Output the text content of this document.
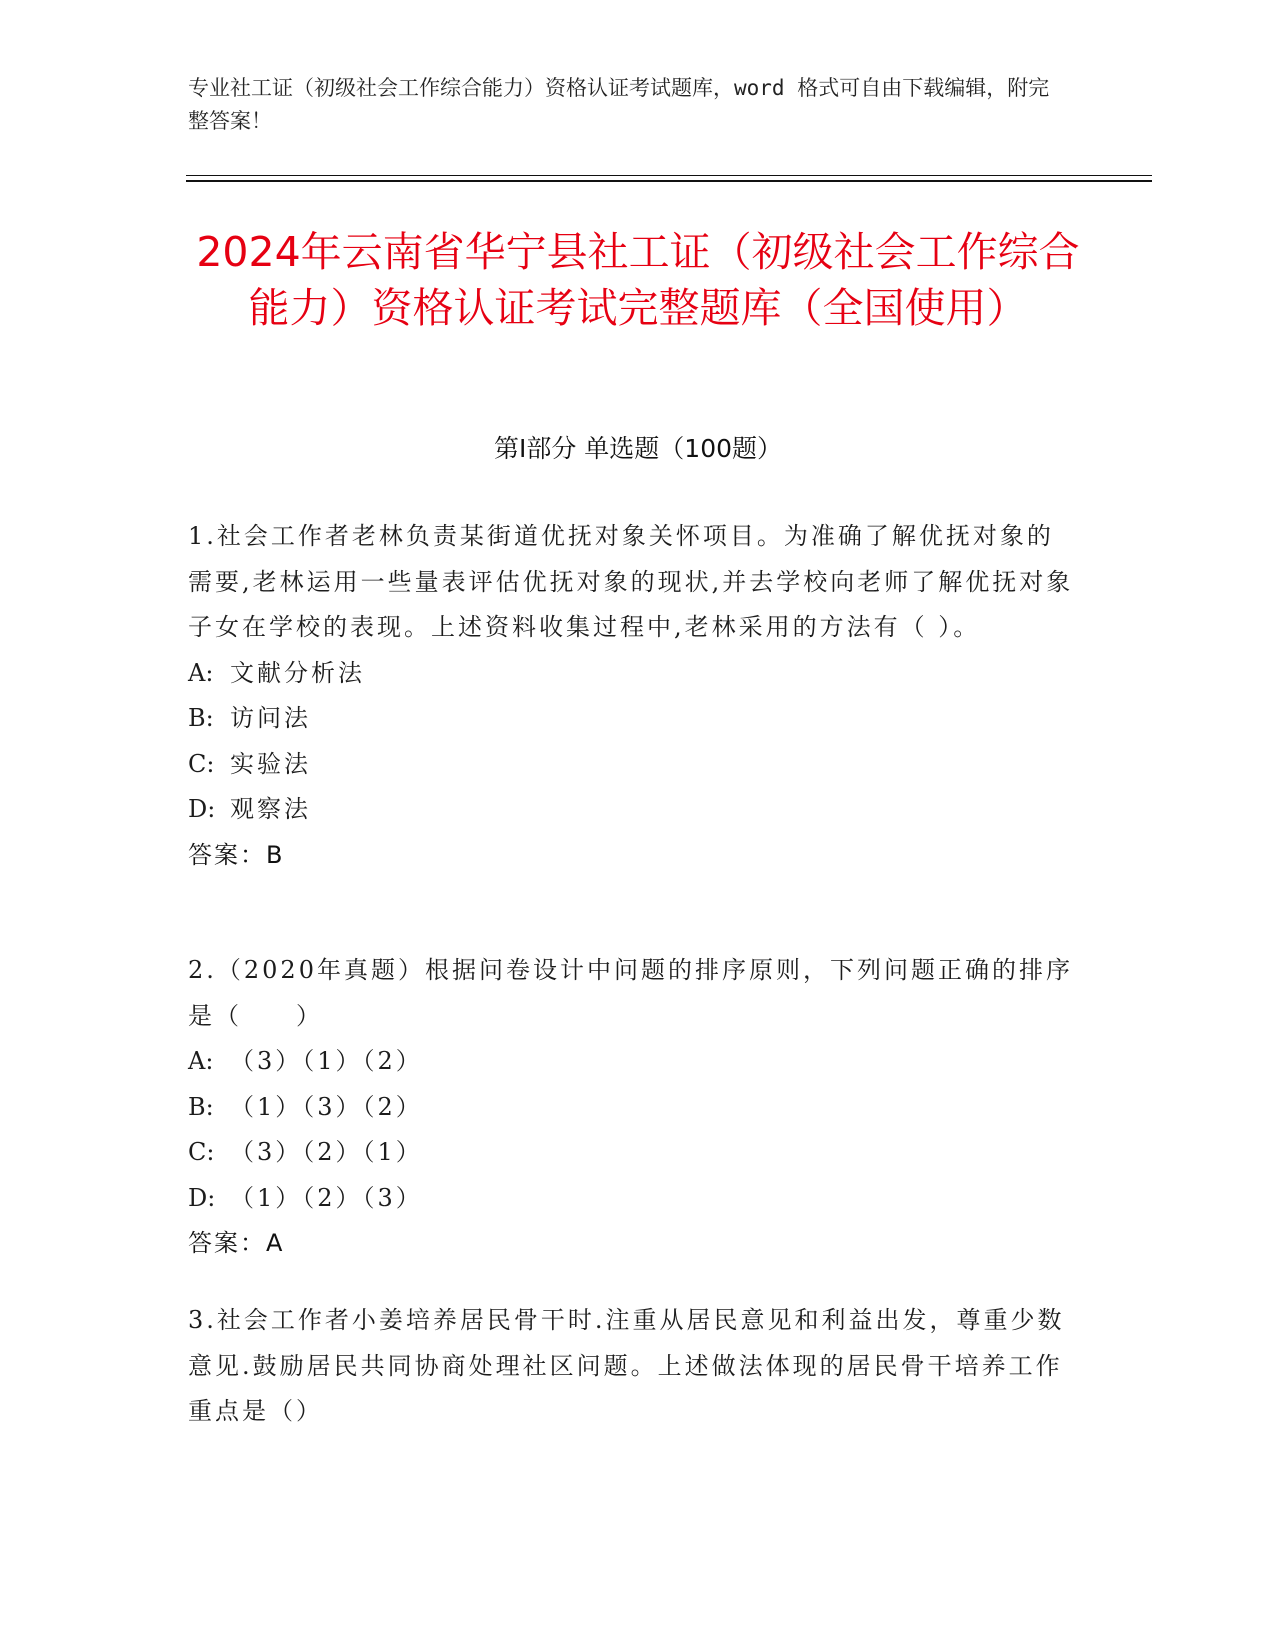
专业社工证（初级社会工作综合能力）资格认证考试题库，word 格式可自由下载编辑，附完整答案！
2024年云南省华宁县社工证（初级社会工作综合能力）资格认证考试完整题库（全国使用）
第Ⅰ部分 单选题（100题）

1.社会工作者老林负责某街道优抚对象关怀项目。为准确了解优抚对象的需要,老林运用一些量表评估优抚对象的现状,并去学校向老师了解优抚对象子女在学校的表现。上述资料收集过程中,老林采用的方法有（ ）。

A: 文献分析法
B: 访问法
C: 实验法
D: 观察法
答案：B

2.（2020年真题）根据问卷设计中问题的排序原则，下列问题正确的排序是（　　）

A: （3）（1）（2）
B: （1）（3）（2）
C: （3）（2）（1）
D: （1）（2）（3）
答案：A

3.社会工作者小姜培养居民骨干时.注重从居民意见和利益出发，尊重少数意见.鼓励居民共同协商处理社区问题。上述做法体现的居民骨干培养工作重点是（）
